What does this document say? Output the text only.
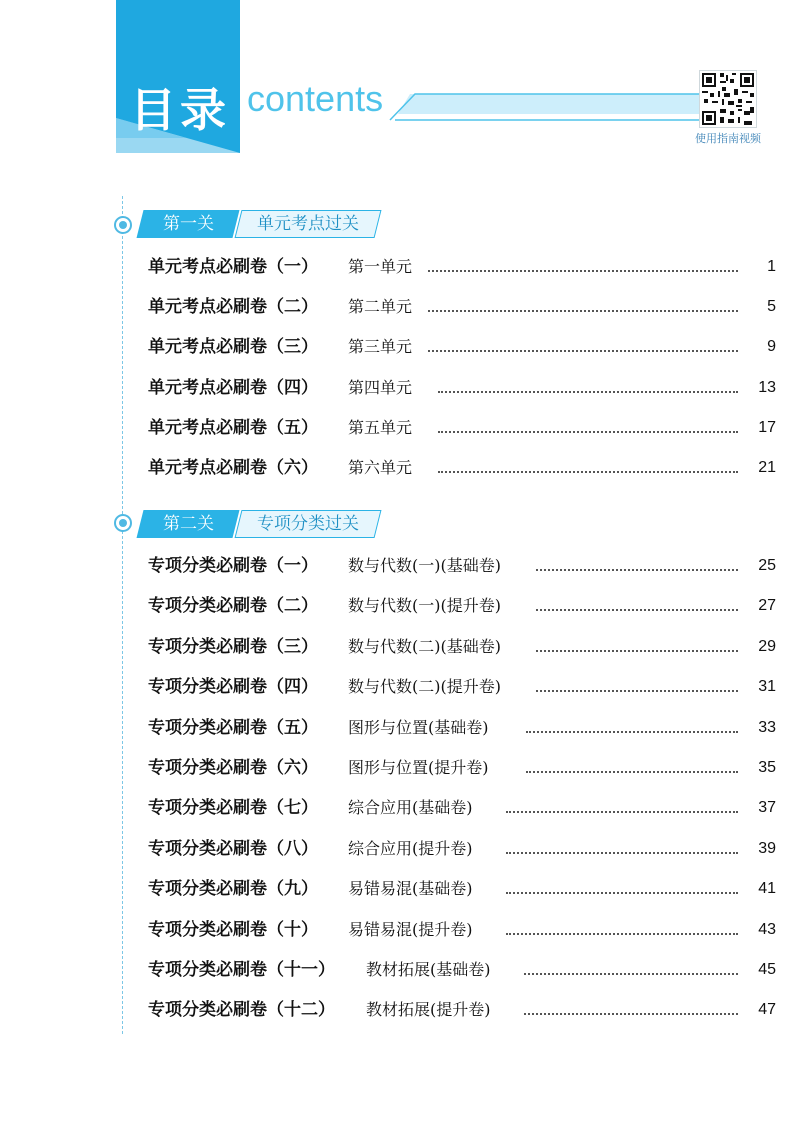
目录 contents
使用指南视频
第一关	单元考点过关
单元考点必刷卷（一） 第一单元	1
单元考点必刷卷（二） 第二单元	5
单元考点必刷卷（三） 第三单元	9
单元考点必刷卷（四） 第四单元	13
单元考点必刷卷（五） 第五单元	17
单元考点必刷卷（六） 第六单元	21
第二关	专项分类过关
专项分类必刷卷（一） 数与代数(一)(基础卷)	25
专项分类必刷卷（二） 数与代数(一)(提升卷)	27
专项分类必刷卷（三） 数与代数(二)(基础卷)	29
专项分类必刷卷（四） 数与代数(二)(提升卷)	31
专项分类必刷卷（五） 图形与位置(基础卷)	33
专项分类必刷卷（六） 图形与位置(提升卷)	35
专项分类必刷卷（七） 综合应用(基础卷)	37
专项分类必刷卷（八） 综合应用(提升卷)	39
专项分类必刷卷（九） 易错易混(基础卷)	41
专项分类必刷卷（十） 易错易混(提升卷)	43
专项分类必刷卷（十一） 教材拓展(基础卷)	45
专项分类必刷卷（十二） 教材拓展(提升卷)	47
